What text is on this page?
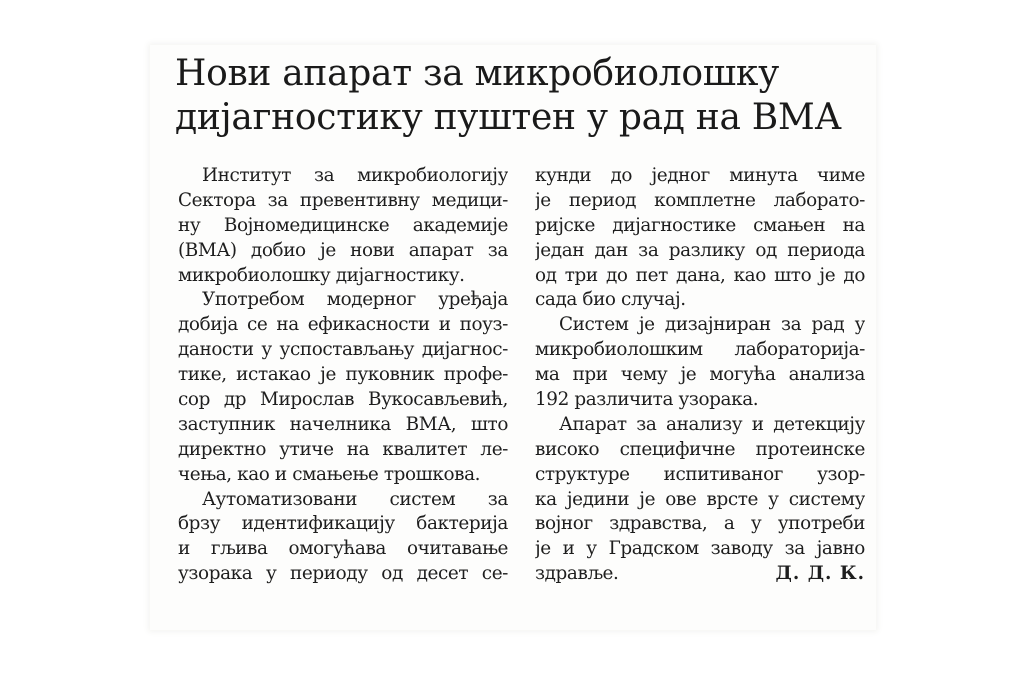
Нови апарат за микробиолошку
дијагностику пуштен у рад на ВМА
Институт за микробиологију
Сектора за превентивну медици-
ну Војномедицинске академије
(ВМА) добио је нови апарат за
микробиолошку дијагностику.
Употребом модерног уређаја
добија се на ефикасности и поуз-
даности у успостављању дијагнос-
тике, истакао је пуковник профе-
сор др Мирослав Вукосављевић,
заступник начелника ВМА, што
директно утиче на квалитет ле-
чења, као и смањење трошкова.
Аутоматизовани систем за
брзу идентификацију бактерија
и гљива омогућава очитавање
узорака у периоду од десет се-
кунди до једног минута чиме
је период комплетне лаборато-
ријске дијагностике смањен на
један дан за разлику од периода
од три до пет дана, као што је до
сада био случај.
Систем је дизајниран за рад у
микробиолошким лабораторија-
ма при чему је могућа анализа
192 различита узорака.
Апарат за анализу и детекцију
високо специфичне протеинске
структуре испитиваног узор-
ка једини је ове врсте у систему
војног здравства, а у употреби
је и у Градском заводу за јавно
здравље.	Д. Д. К.
